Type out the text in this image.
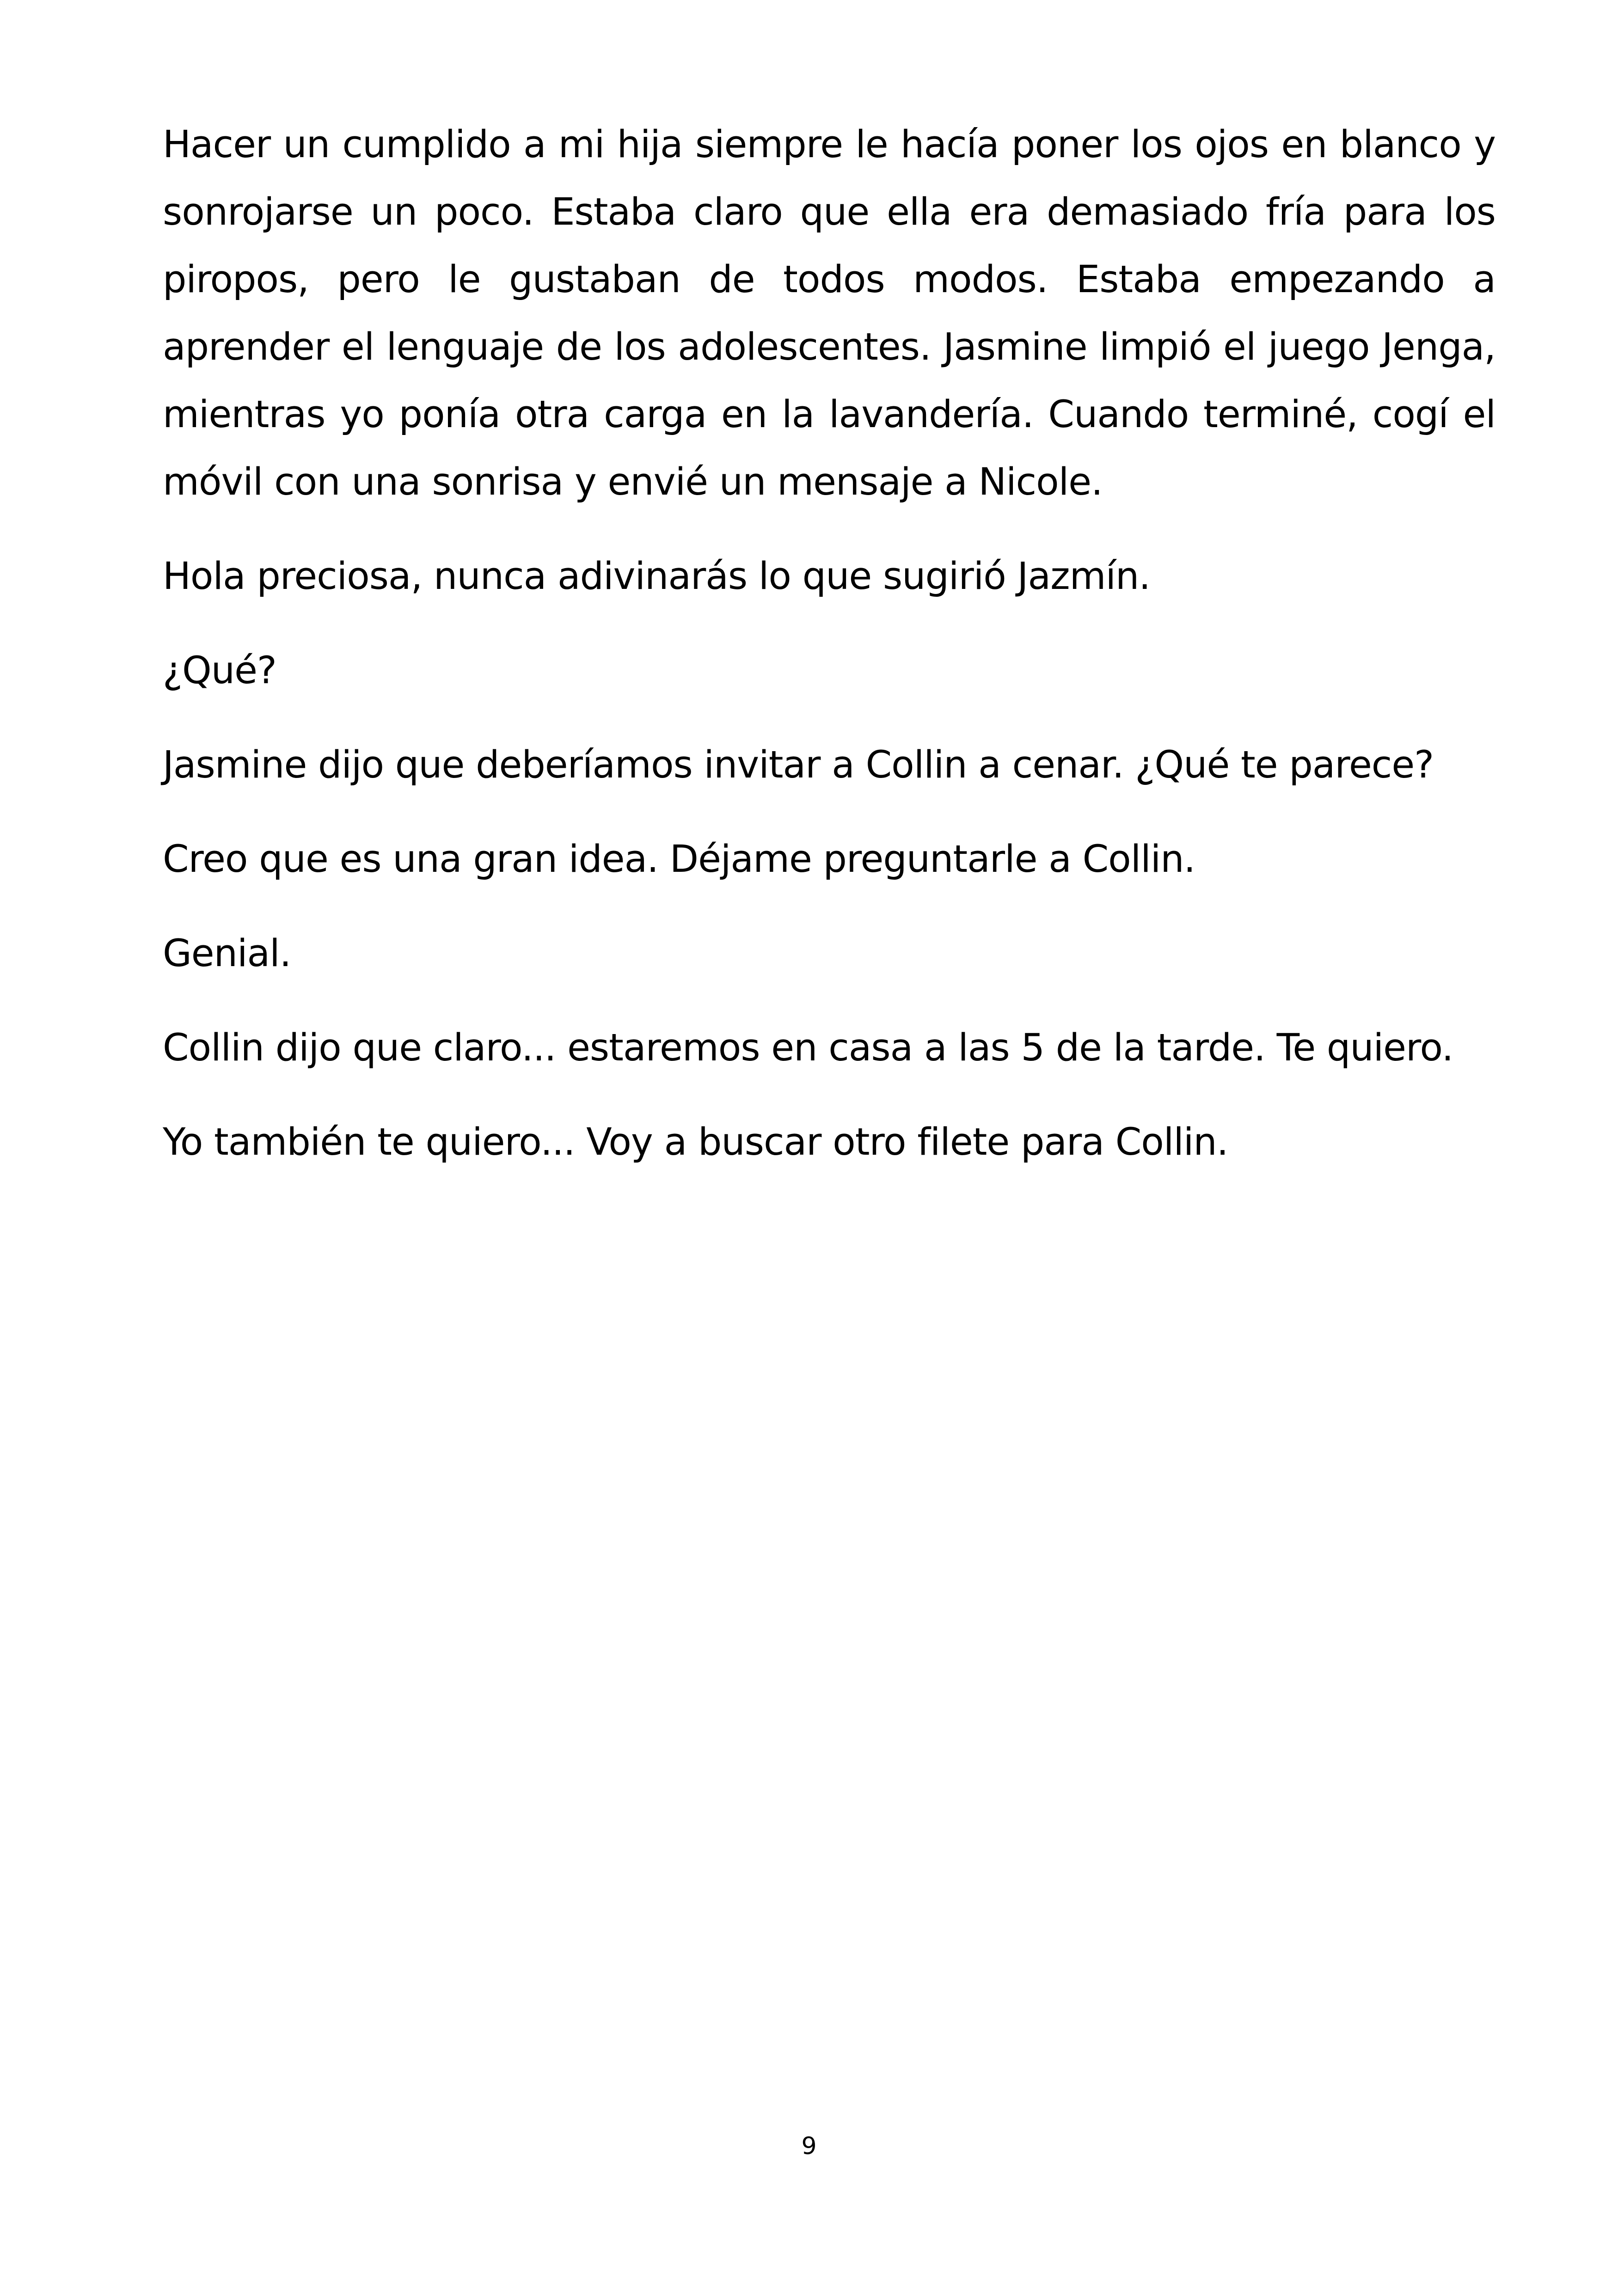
Hacer un cumplido a mi hija siempre le hacía poner los ojos en blanco y sonrojarse un poco. Estaba claro que ella era demasiado fría para los piropos, pero le gustaban de todos modos. Estaba empezando a aprender el lenguaje de los adolescentes. Jasmine limpió el juego Jenga, mientras yo ponía otra carga en la lavandería. Cuando terminé, cogí el móvil con una sonrisa y envié un mensaje a Nicole.

Hola preciosa, nunca adivinarás lo que sugirió Jazmín.

¿Qué?

Jasmine dijo que deberíamos invitar a Collin a cenar. ¿Qué te parece?

Creo que es una gran idea. Déjame preguntarle a Collin.

Genial.

Collin dijo que claro... estaremos en casa a las 5 de la tarde. Te quiero.

Yo también te quiero... Voy a buscar otro filete para Collin.

9
